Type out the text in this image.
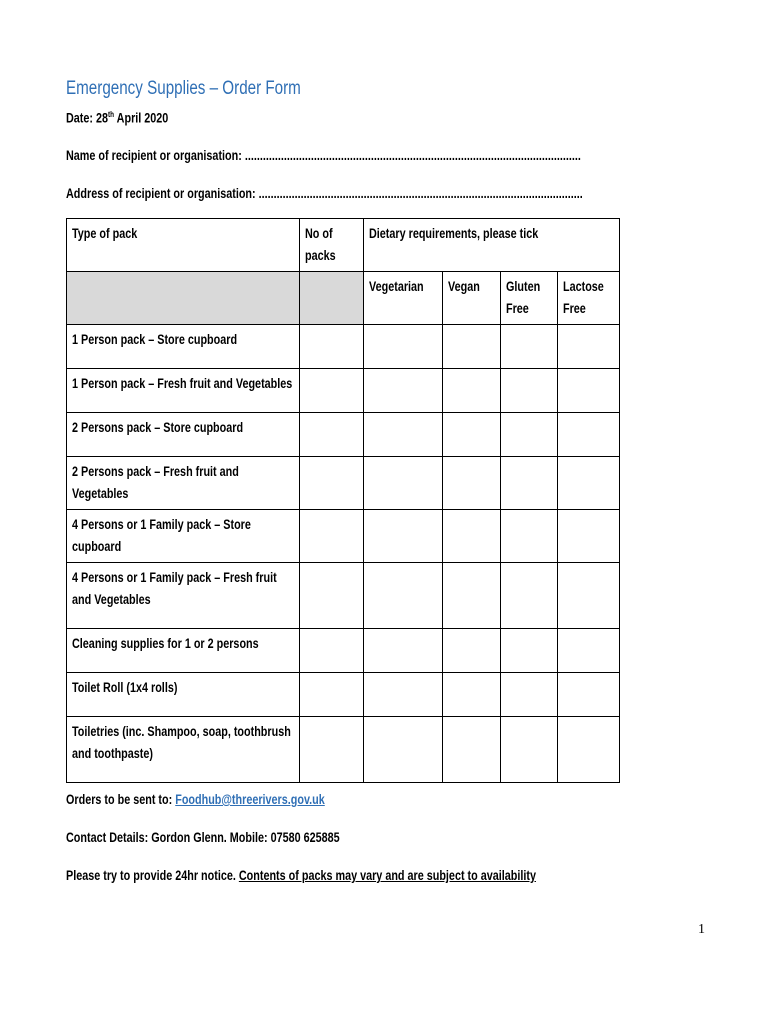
Emergency Supplies – Order Form
Date: 28th April 2020
Name of recipient or organisation: ................................................................................................................
Address of recipient or organisation: ............................................................................................................
Type of pack	No of packs	Dietary requirements, please tick			

		Vegetarian	Vegan	Gluten Free	Lactose Free

1 Person pack – Store cupboard					

1 Person pack – Fresh fruit and Vegetables					

2 Persons pack – Store cupboard					

2 Persons pack – Fresh fruit and Vegetables					

4 Persons or 1 Family pack – Store cupboard					

4 Persons or 1 Family pack – Fresh fruit and Vegetables					

Cleaning supplies for 1 or 2 persons					

Toilet Roll (1x4 rolls)					

Toiletries (inc. Shampoo, soap, toothbrush and toothpaste)					

Orders to be sent to: Foodhub@threerivers.gov.uk
Contact Details: Gordon Glenn. Mobile: 07580 625885
Please try to provide 24hr notice. Contents of packs may vary and are subject to availability
1
